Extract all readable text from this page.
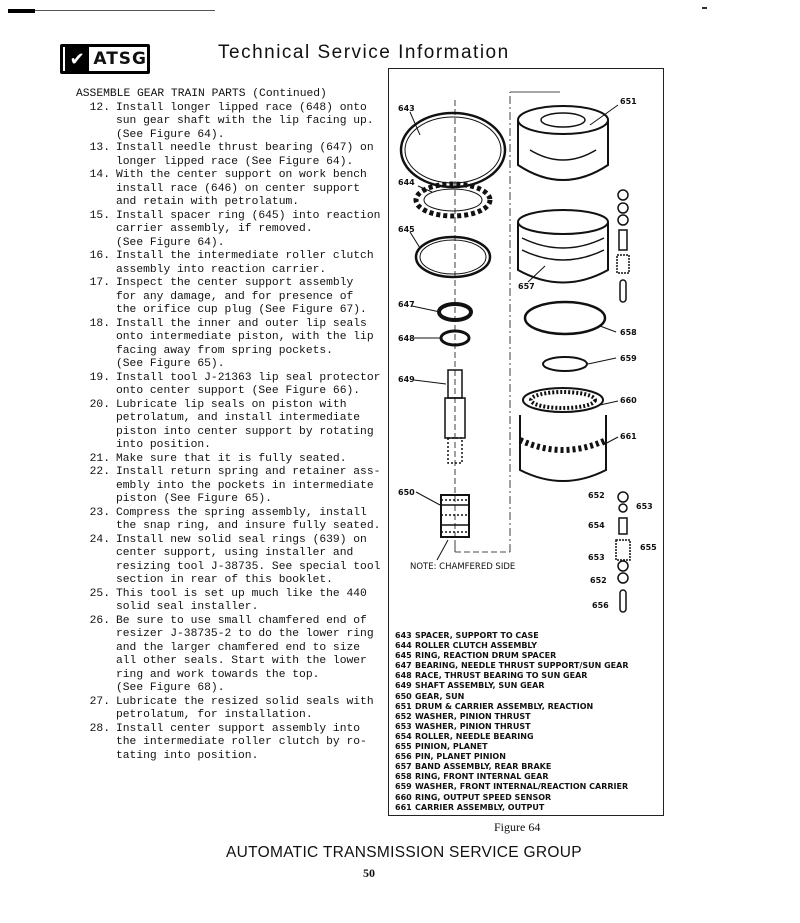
✔ ATSG	Technical Service Information
ASSEMBLE GEAR TRAIN PARTS (Continued)
12. Install longer lipped race (648) onto
sun gear shaft with the lip facing up.
(See Figure 64).
13. Install needle thrust bearing (647) on
longer lipped race (See Figure 64).
14. With the center support on work bench
install race (646) on center support
and retain with petrolatum.
15. Install spacer ring (645) into reaction
carrier assembly, if removed.
(See Figure 64).
16. Install the intermediate roller clutch
assembly into reaction carrier.
17. Inspect the center support assembly
for any damage, and for presence of
the orifice cup plug (See Figure 67).
18. Install the inner and outer lip seals
onto intermediate piston, with the lip
facing away from spring pockets.
(See Figure 65).
19. Install tool J-21363 lip seal protector
onto center support (See Figure 66).
20. Lubricate lip seals on piston with
petrolatum, and install intermediate
piston into center support by rotating
into position.
21. Make sure that it is fully seated.
22. Install return spring and retainer ass-
embly into the pockets in intermediate
piston (See Figure 65).
23. Compress the spring assembly, install
the snap ring, and insure fully seated.
24. Install new solid seal rings (639) on
center support, using installer and
resizing tool J-38735. See special tool
section in rear of this booklet.
25. This tool is set up much like the 440
solid seal installer.
26. Be sure to use small chamfered end of
resizer J-38735-2 to do the lower ring
and the larger chamfered end to size
all other seals. Start with the lower
ring and work towards the top.
(See Figure 68).
27. Lubricate the resized solid seals with
petrolatum, for installation.
28. Install center support assembly into
the intermediate roller clutch by ro-
tating into position.
643
644
645
647
648
649
650
651
657
658
659
660
661
652
653
654
655
653
652
656
NOTE: CHAMFERED SIDE
643 SPACER, SUPPORT TO CASE
644 ROLLER CLUTCH ASSEMBLY
645 RING, REACTION DRUM SPACER
647 BEARING, NEEDLE THRUST SUPPORT/SUN GEAR
648 RACE, THRUST BEARING TO SUN GEAR
649 SHAFT ASSEMBLY, SUN GEAR
650 GEAR, SUN
651 DRUM & CARRIER ASSEMBLY, REACTION
652 WASHER, PINION THRUST
653 WASHER, PINION THRUST
654 ROLLER, NEEDLE BEARING
655 PINION, PLANET
656 PIN, PLANET PINION
657 BAND ASSEMBLY, REAR BRAKE
658 RING, FRONT INTERNAL GEAR
659 WASHER, FRONT INTERNAL/REACTION CARRIER
660 RING, OUTPUT SPEED SENSOR
661 CARRIER ASSEMBLY, OUTPUT
Figure 64
AUTOMATIC TRANSMISSION SERVICE GROUP
50
